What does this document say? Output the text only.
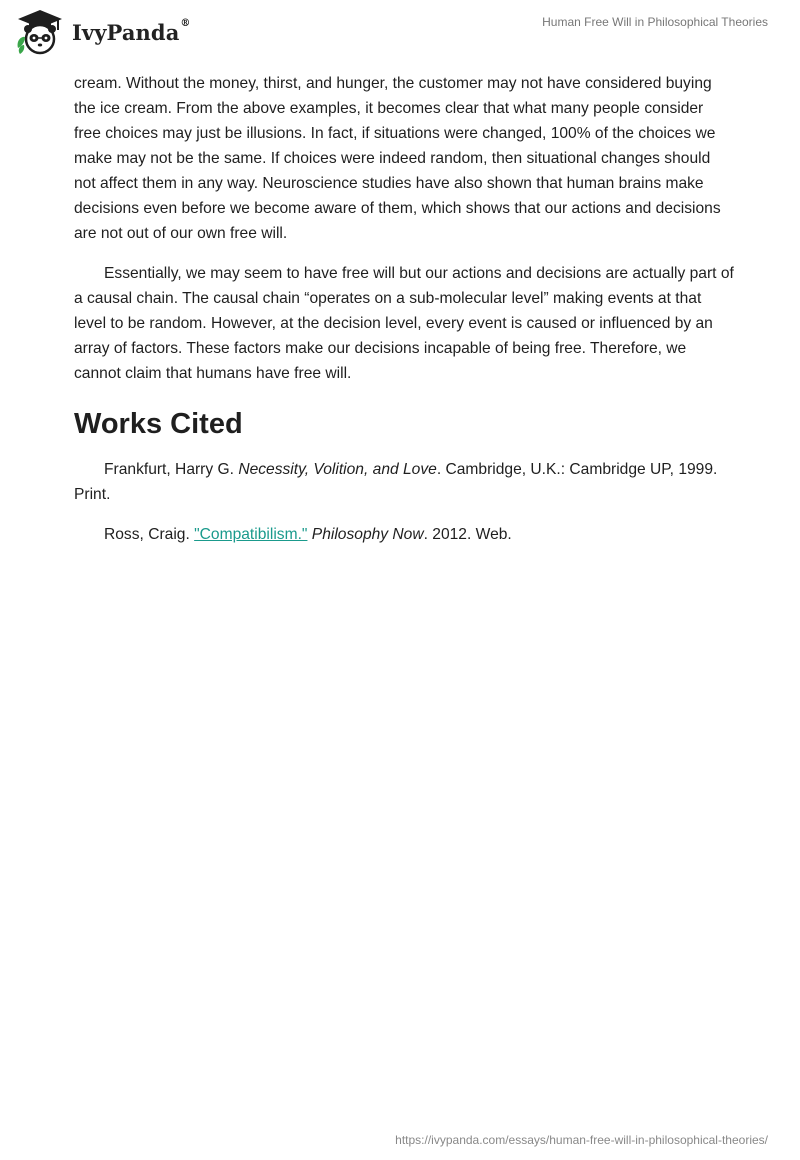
IvyPanda®	Human Free Will in Philosophical Theories

cream. Without the money, thirst, and hunger, the customer may not have considered buying the ice cream. From the above examples, it becomes clear that what many people consider free choices may just be illusions. In fact, if situations were changed, 100% of the choices we make may not be the same. If choices were indeed random, then situational changes should not affect them in any way. Neuroscience studies have also shown that human brains make decisions even before we become aware of them, which shows that our actions and decisions are not out of our own free will.

Essentially, we may seem to have free will but our actions and decisions are actually part of a causal chain. The causal chain “operates on a sub-molecular level” making events at that level to be random. However, at the decision level, every event is caused or influenced by an array of factors. These factors make our decisions incapable of being free. Therefore, we cannot claim that humans have free will.

Works Cited

Frankfurt, Harry G. Necessity, Volition, and Love. Cambridge, U.K.: Cambridge UP, 1999. Print.

Ross, Craig. "Compatibilism." Philosophy Now. 2012. Web.

https://ivypanda.com/essays/human-free-will-in-philosophical-theories/
